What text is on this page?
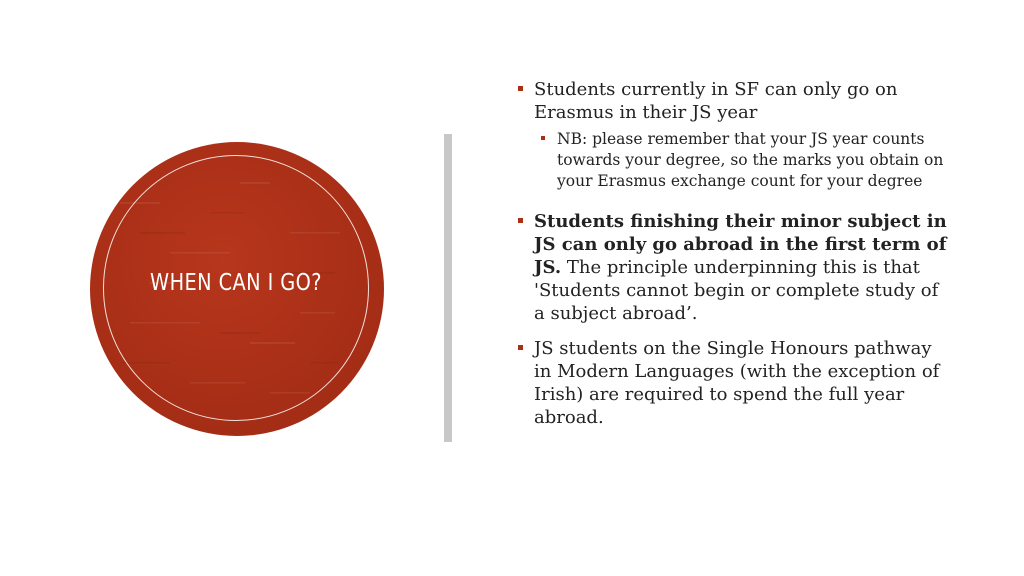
WHEN CAN I GO?
Students currently in SF can only go on Erasmus in their JS year
NB: please remember that your JS year counts towards your degree, so the marks you obtain on your Erasmus exchange count for your degree
Students finishing their minor subject in JS can only go abroad in the first term of JS. The principle underpinning this is that 'Students cannot begin or complete study of a subject abroad’.
JS students on the Single Honours pathway in Modern Languages (with the exception of Irish) are required to spend the full year abroad.
